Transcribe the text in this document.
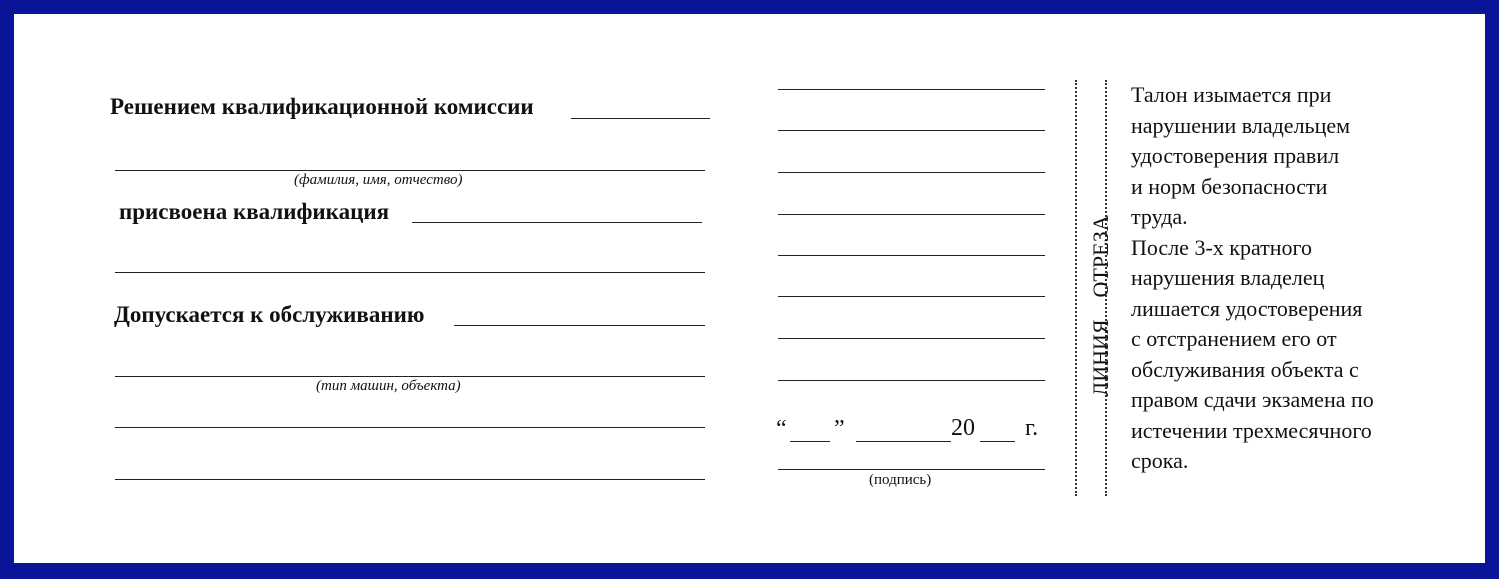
Решением квалификационной комиссии
(фамилия, имя, отчество)
присвоена квалификация
Допускается к обслуживанию
(тип машин, объекта)
“ ”	20 г.
(подпись)
ЛИНИЯ    ОТРЕЗА

Талон изымается при

нарушении владельцем

удостоверения правил

и норм безопасности

труда.

После 3-х кратного

нарушения владелец

лишается удостоверения

с отстранением его от

обслуживания объекта с

правом сдачи экзамена по

истечении трехмесячного

срока.
